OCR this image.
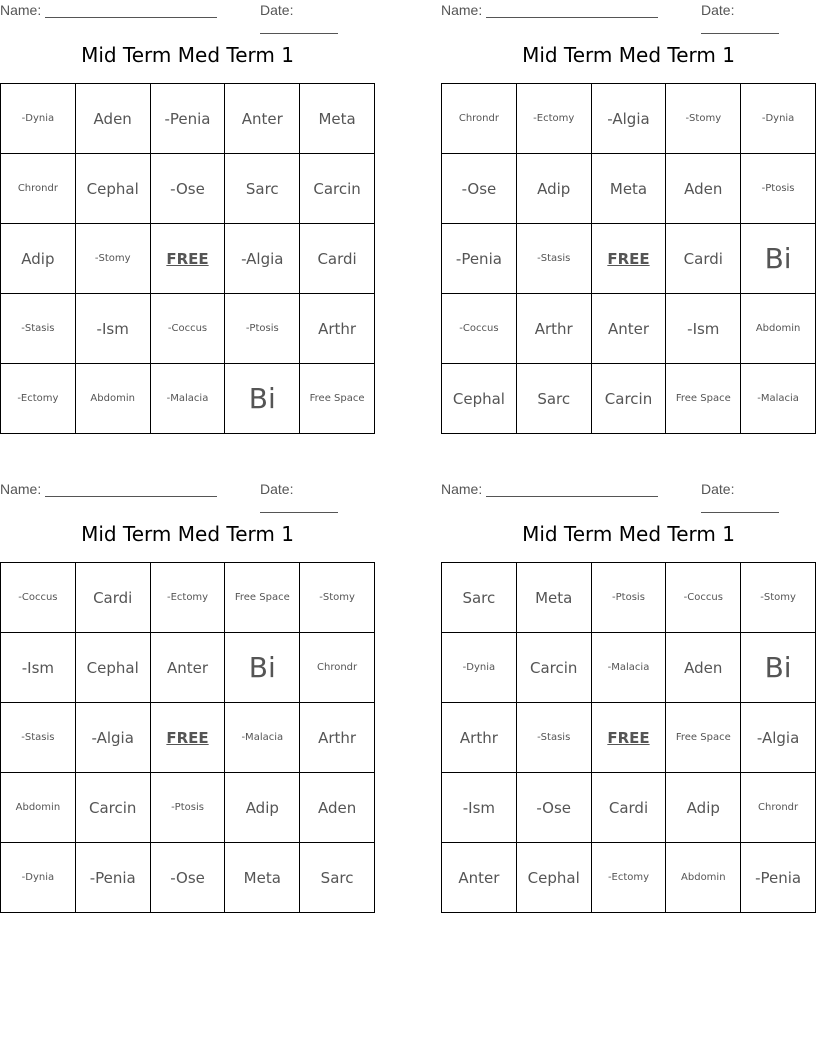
Name:	Date:
Mid Term Med Term 1
-Dynia	Aden	-Penia	Anter	Meta
Chrondr	Cephal	-Ose	Sarc	Carcin
Adip	-Stomy	FREE	-Algia	Cardi
-Stasis	-Ism	-Coccus	-Ptosis	Arthr
-Ectomy	Abdomin	-Malacia	Bi	Free Space
Name:	Date:
Mid Term Med Term 1
Chrondr	-Ectomy	-Algia	-Stomy	-Dynia
-Ose	Adip	Meta	Aden	-Ptosis
-Penia	-Stasis	FREE	Cardi	Bi
-Coccus	Arthr	Anter	-Ism	Abdomin
Cephal	Sarc	Carcin	Free Space	-Malacia
Name:	Date:
Mid Term Med Term 1
-Coccus	Cardi	-Ectomy	Free Space	-Stomy
-Ism	Cephal	Anter	Bi	Chrondr
-Stasis	-Algia	FREE	-Malacia	Arthr
Abdomin	Carcin	-Ptosis	Adip	Aden
-Dynia	-Penia	-Ose	Meta	Sarc
Name:	Date:
Mid Term Med Term 1
Sarc	Meta	-Ptosis	-Coccus	-Stomy
-Dynia	Carcin	-Malacia	Aden	Bi
Arthr	-Stasis	FREE	Free Space	-Algia
-Ism	-Ose	Cardi	Adip	Chrondr
Anter	Cephal	-Ectomy	Abdomin	-Penia
